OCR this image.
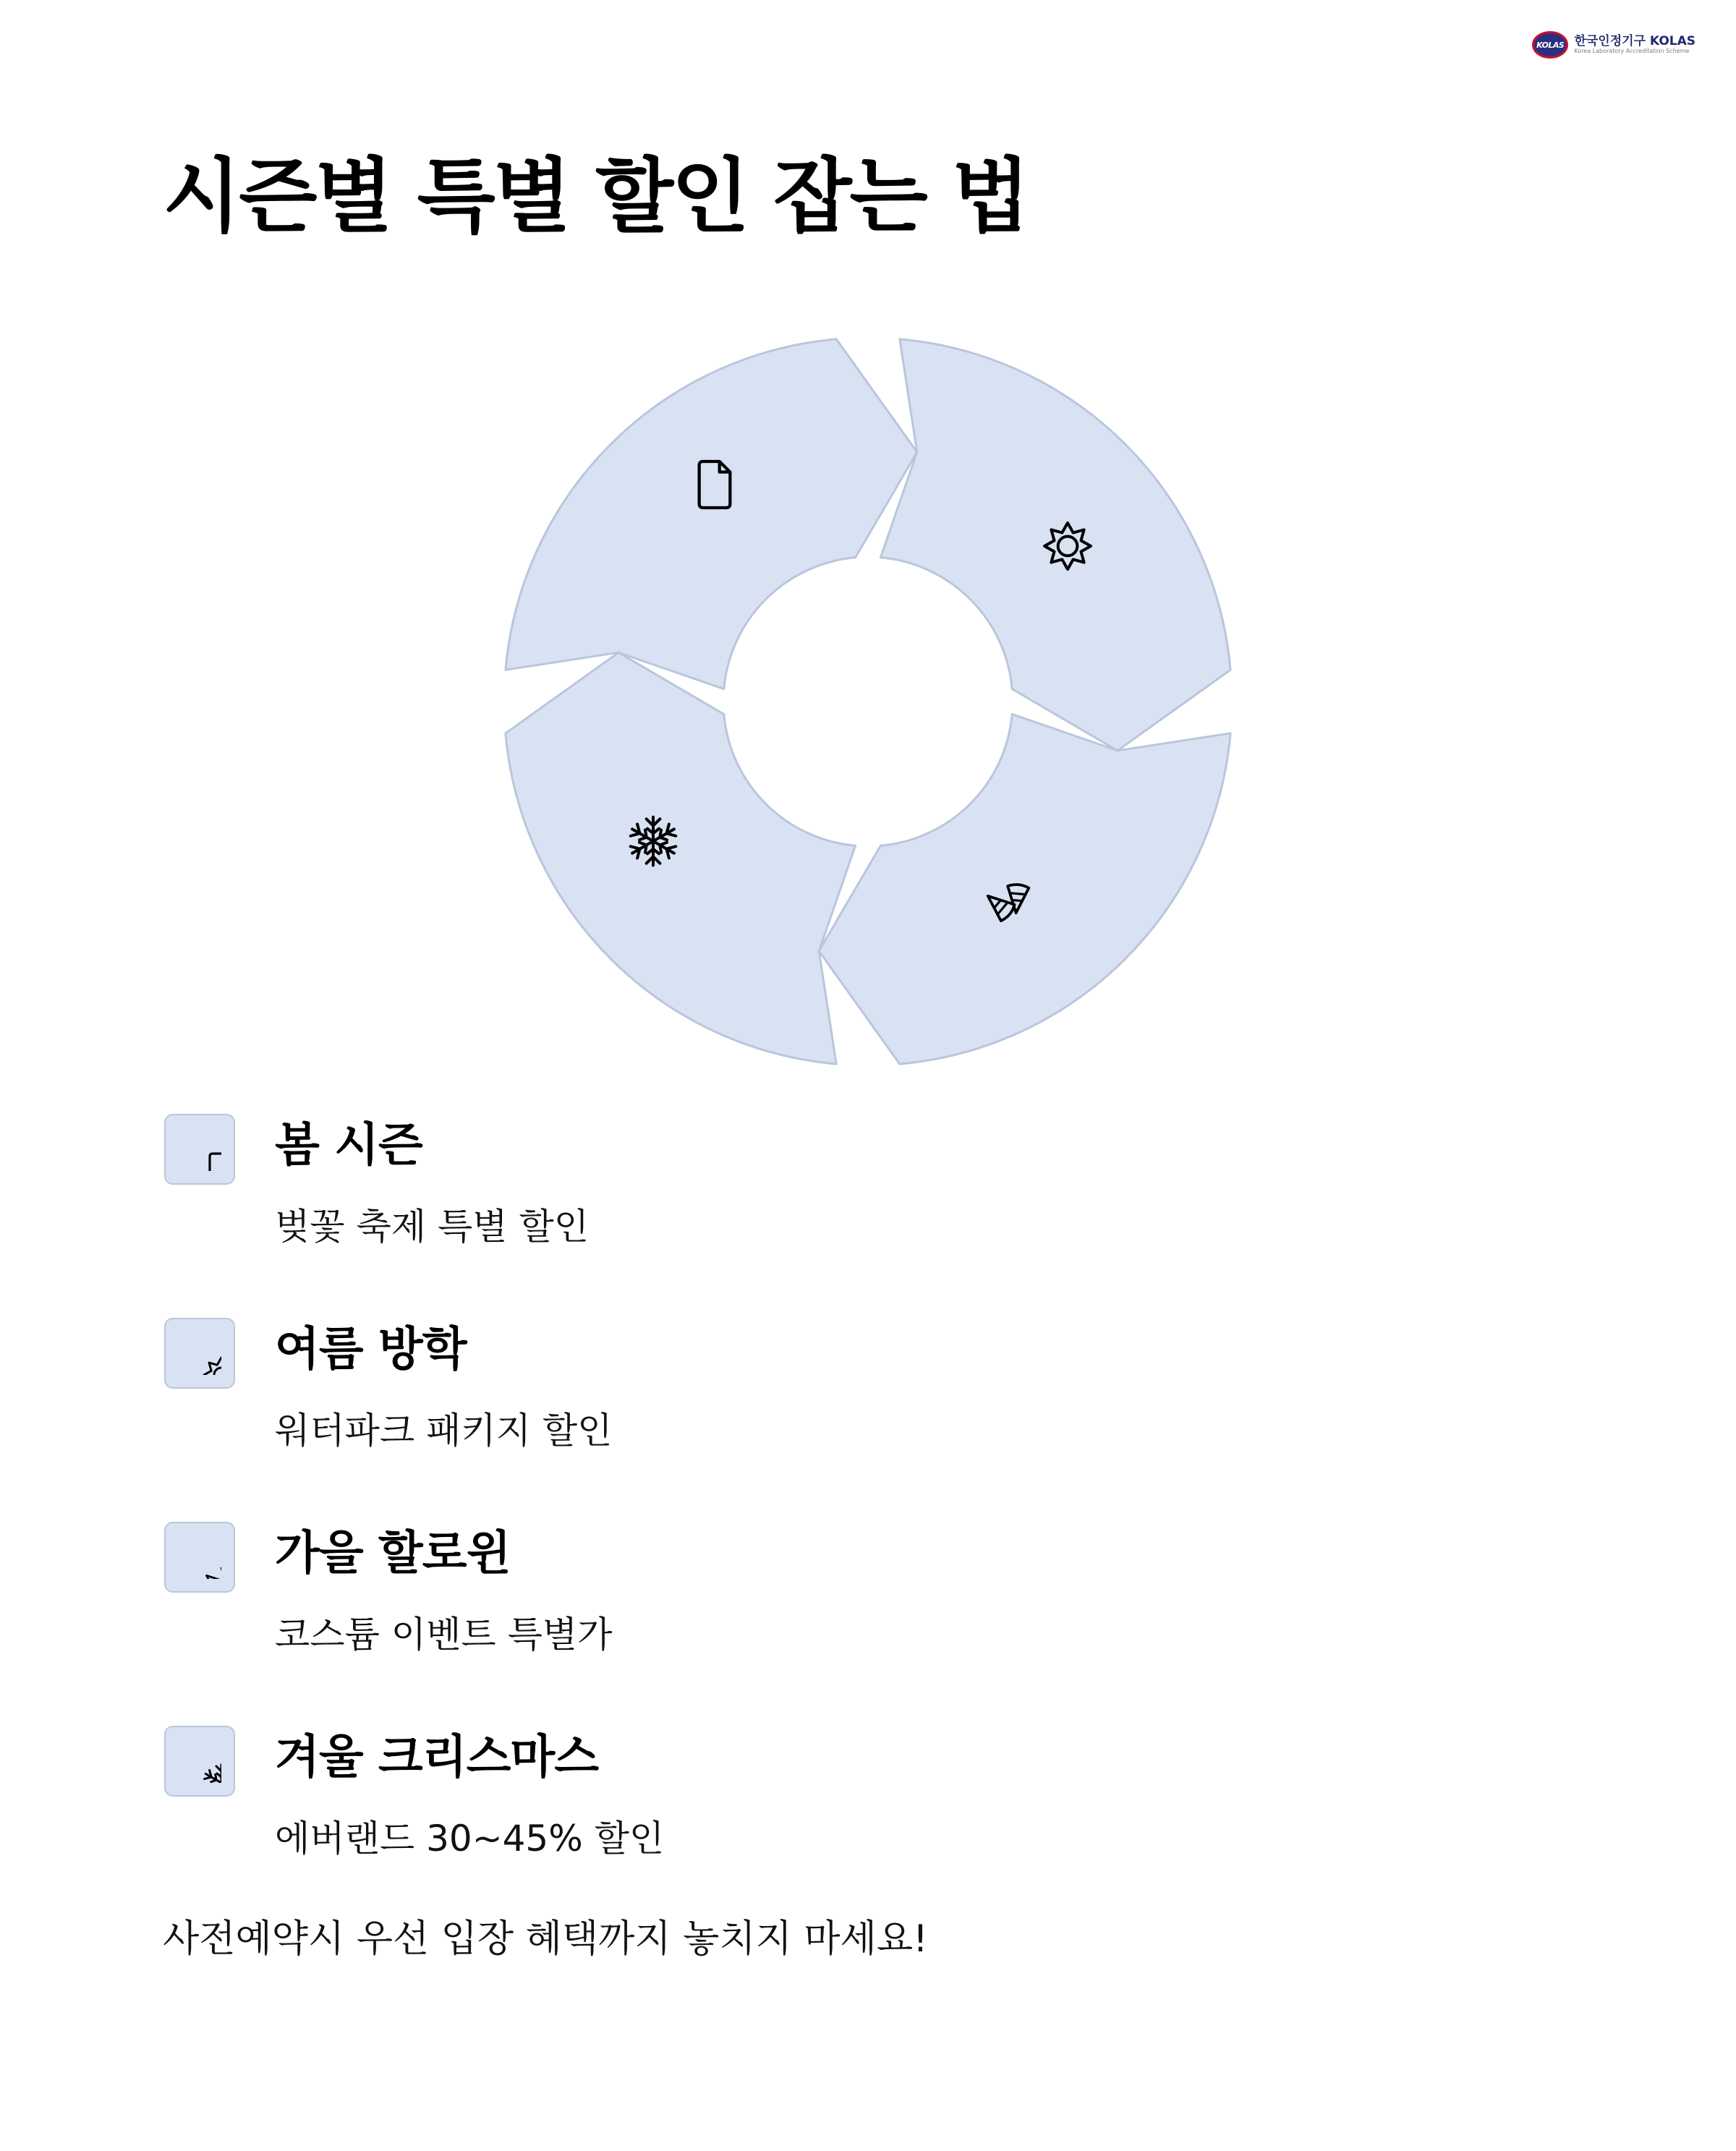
KOLAS 한국인정기구 KOLAS
Korea Laboratory Accreditation Scheme
시즌별 특별 할인 잡는 법
봄 시즌
벚꽃 축제 특별 할인
여름 방학
워터파크 패키지 할인
가을 할로윈
코스튬 이벤트 특별가
겨울 크리스마스
에버랜드 30~45% 할인

사전예약시 우선 입장 혜택까지 놓치지 마세요!
